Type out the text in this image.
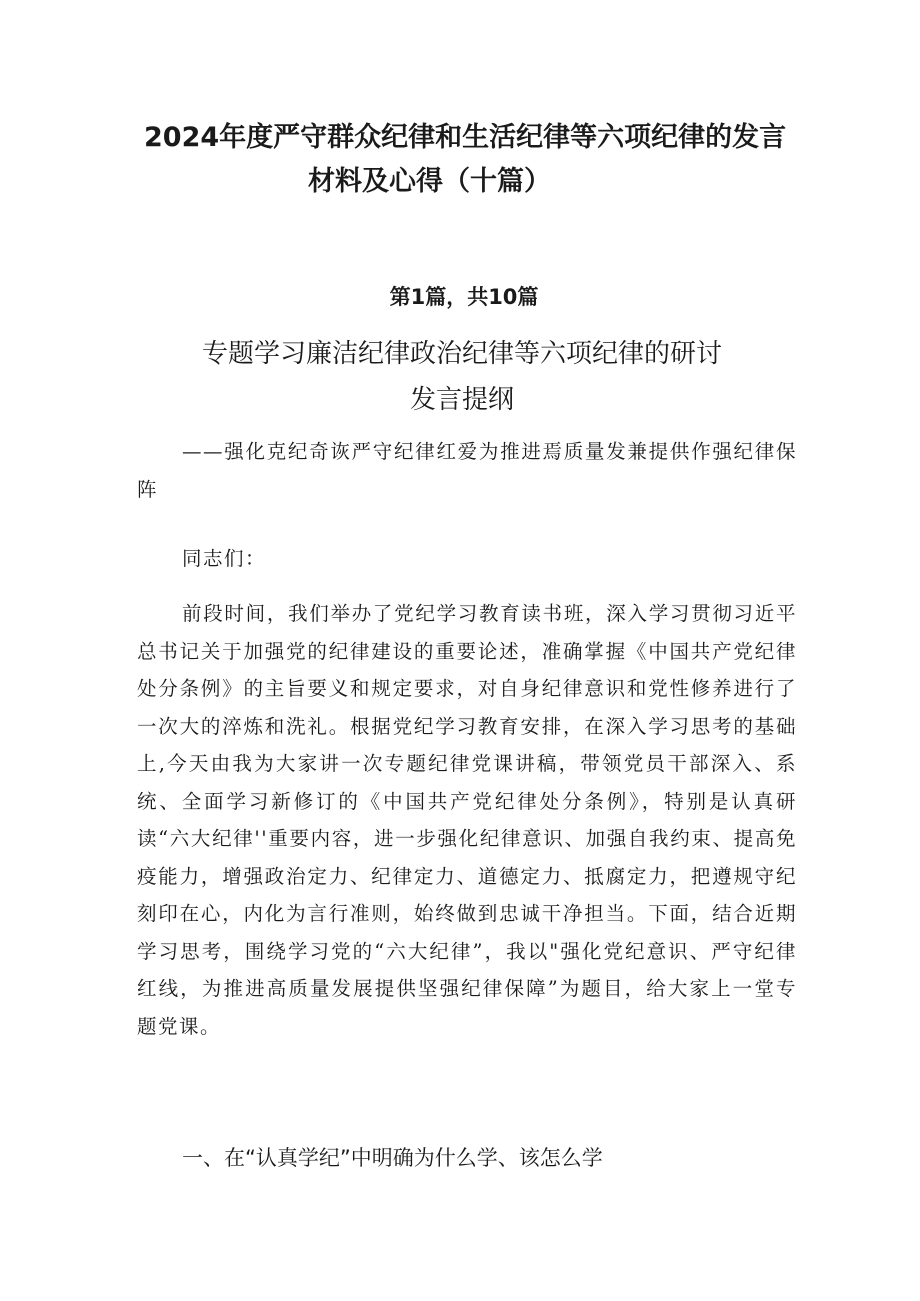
2024年度严守群众纪律和生活纪律等六项纪律的发言
材料及心得（十篇）
第1篇，共10篇
专题学习廉洁纪律政治纪律等六项纪律的研讨
发言提纲
——强化克纪奇诙严守纪律红爱为推进焉质量发兼提供作强纪律保阵
同志们：
前段时间，我们举办了党纪学习教育读书班，深入学习贯彻习近平总书记关于加强党的纪律建设的重要论述，准确掌握《中国共产党纪律处分条例》的主旨要义和规定要求，对自身纪律意识和党性修养进行了一次大的淬炼和洗礼。根据党纪学习教育安排，在深入学习思考的基础上,今天由我为大家讲一次专题纪律党课讲稿，带领党员干部深入、系统、全面学习新修订的《中国共产党纪律处分条例》，特别是认真研读“六大纪律''重要内容，进一步强化纪律意识、加强自我约束、提高免疫能力，增强政治定力、纪律定力、道德定力、抵腐定力，把遵规守纪刻印在心，内化为言行准则，始终做到忠诚干净担当。下面，结合近期学习思考，围绕学习党的“六大纪律”，我以"强化党纪意识、严守纪律红线，为推进高质量发展提供坚强纪律保障”为题目，给大家上一堂专题党课。
一、在“认真学纪”中明确为什么学、该怎么学
